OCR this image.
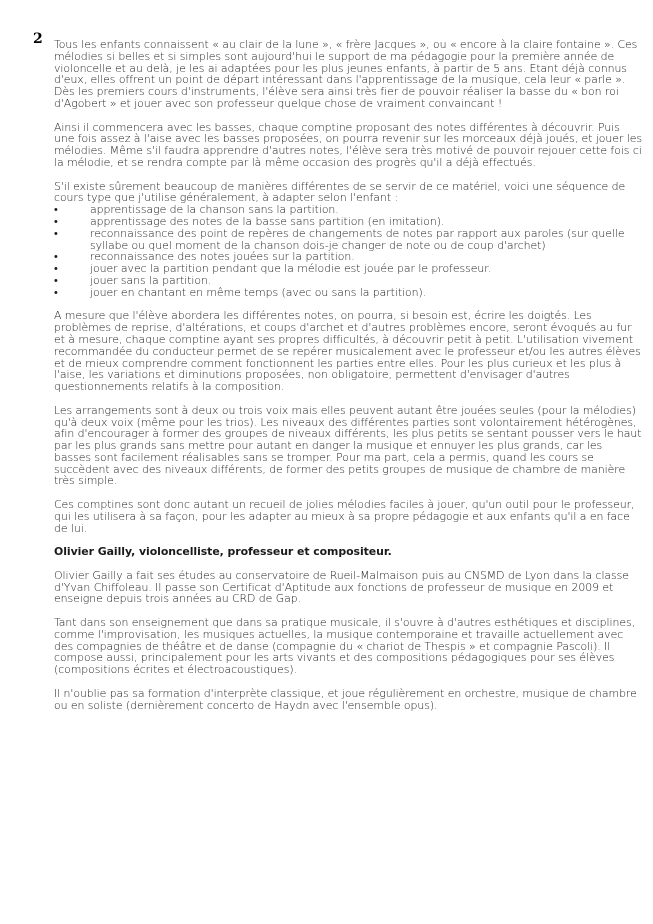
2 Tous les enfants connaissent « au clair de la lune », « frère Jacques », ou « encore à la claire fontaine ». Ces mélodies si belles et si simples sont aujourd'hui le support de ma pédagogie pour la première année de violoncelle et au delà, je les ai adaptées pour les plus jeunes enfants, à partir de 5 ans. Etant déjà connus d'eux, elles offrent un point de départ intéressant dans l'apprentissage de la musique, cela leur « parle ». Dès les premiers cours d'instruments, l'élève sera ainsi très fier de pouvoir réaliser la basse du « bon roi d'Agobert » et jouer avec son professeur quelque chose de vraiment convaincant !

Ainsi il commencera avec les basses, chaque comptine proposant des notes différentes à découvrir. Puis une fois assez à l'aise avec les basses proposées, on pourra revenir sur les morceaux déjà joués, et jouer les mélodies. Même s'il faudra apprendre d'autres notes, l'élève sera très motivé de pouvoir rejouer cette fois ci la mélodie, et se rendra compte par là même occasion des progrès qu'il a déjà effectués.

S'il existe sûrement beaucoup de manières différentes de se servir de ce matériel, voici une séquence de cours type que j'utilise généralement, à adapter selon l'enfant :
• apprentissage de la chanson sans la partition.
• apprentissage des notes de la basse sans partition (en imitation).
• reconnaissance des point de repères de changements de notes par rapport aux paroles (sur quelle syllabe ou quel moment de la chanson dois-je changer de note ou de coup d'archet)
• reconnaissance des notes jouées sur la partition.
• jouer avec la partition pendant que la mélodie est jouée par le professeur.
• jouer sans la partition.
• jouer en chantant en même temps (avec ou sans la partition).

A mesure que l'élève abordera les différentes notes, on pourra, si besoin est, écrire les doigtés. Les problèmes de reprise, d'altérations, et coups d'archet et d'autres problèmes encore, seront évoqués au fur et à mesure, chaque comptine ayant ses propres difficultés, à découvrir petit à petit. L'utilisation vivement recommandée du conducteur permet de se repérer musicalement avec le professeur et/ou les autres élèves et de mieux comprendre comment fonctionnent les parties entre elles. Pour les plus curieux et les plus à l'aise, les variations et diminutions proposées, non obligatoire, permettent d'envisager d'autres questionnements relatifs à la composition.

Les arrangements sont à deux ou trois voix mais elles peuvent autant être jouées seules (pour la mélodies) qu'à deux voix (même pour les trios). Les niveaux des différentes parties sont volontairement hétérogènes, afin d'encourager à former des groupes de niveaux différents, les plus petits se sentant pousser vers le haut par les plus grands sans mettre pour autant en danger la musique et ennuyer les plus grands, car les basses sont facilement réalisables sans se tromper. Pour ma part, cela a permis, quand les cours se succèdent avec des niveaux différents, de former des petits groupes de musique de chambre de manière très simple.

Ces comptines sont donc autant un recueil de jolies mélodies faciles à jouer, qu'un outil pour le professeur, qui les utilisera à sa façon, pour les adapter au mieux à sa propre pédagogie et aux enfants qu'il a en face de lui.

Olivier Gailly, violoncelliste, professeur et compositeur.

Olivier Gailly a fait ses études au conservatoire de Rueil-Malmaison puis au CNSMD de Lyon dans la classe d'Yvan Chiffoleau. Il passe son Certificat d'Aptitude aux fonctions de professeur de musique en 2009 et enseigne depuis trois années au CRD de Gap.

Tant dans son enseignement que dans sa pratique musicale, il s'ouvre à d'autres esthétiques et disciplines, comme l'improvisation, les musiques actuelles, la musique contemporaine et travaille actuellement avec des compagnies de théâtre et de danse (compagnie du « chariot de Thespis » et compagnie Pascoli). Il compose aussi, principalement pour les arts vivants et des compositions pédagogiques pour ses élèves (compositions écrites et électroacoustiques).

Il n'oublie pas sa formation d'interprète classique, et joue régulièrement en orchestre, musique de chambre ou en soliste (dernièrement concerto de Haydn avec l'ensemble opus).
